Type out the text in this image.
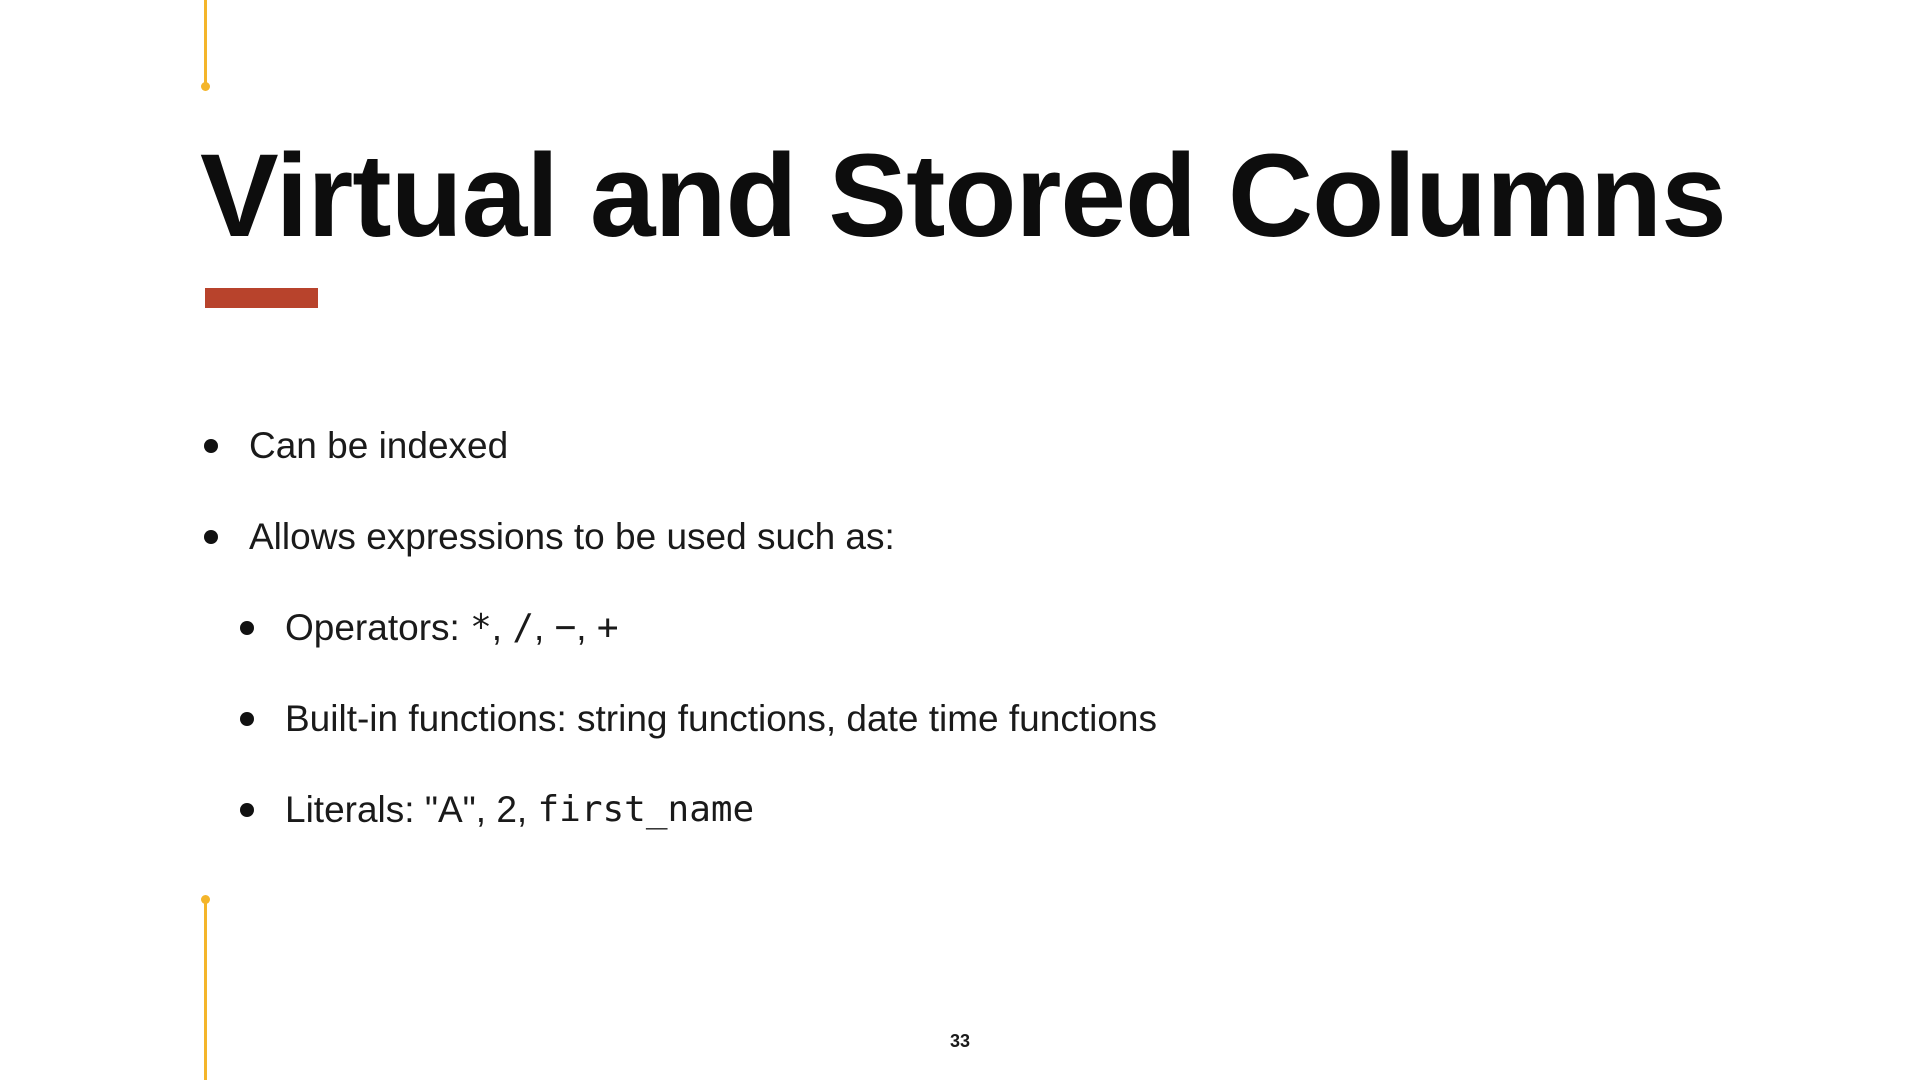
Virtual and Stored Columns
Can be indexed
Allows expressions to be used such as:
Operators: * , / , − , +
Built-in functions: string functions, date time functions
Literals: "A", 2, first_name
33
